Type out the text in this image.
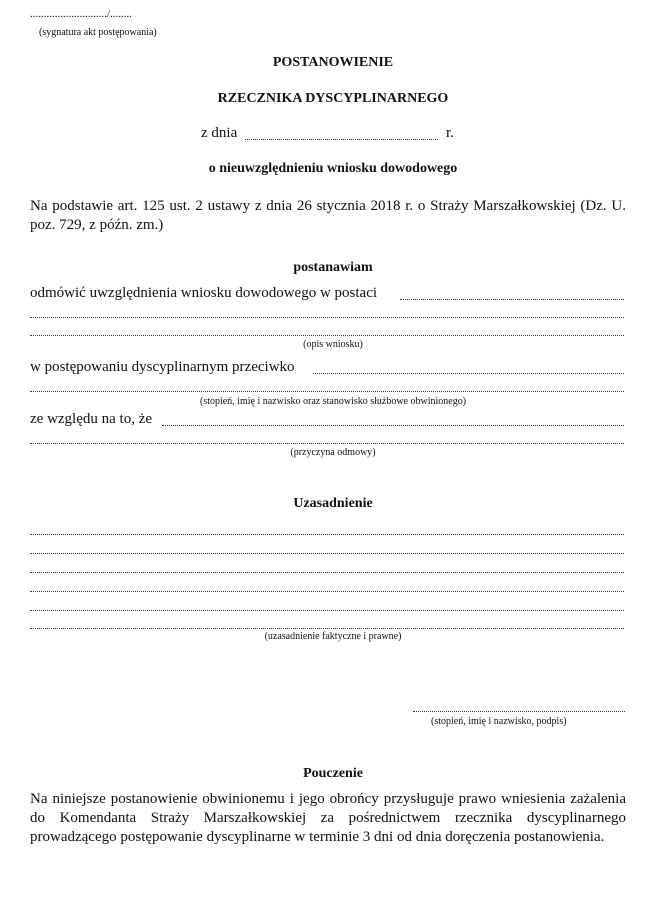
............................/........
(sygnatura akt postępowania)
POSTANOWIENIE
RZECZNIKA DYSCYPLINARNEGO
z dnia	r.
o nieuwzględnieniu wniosku dowodowego
Na podstawie art. 125 ust. 2 ustawy z dnia 26 stycznia 2018 r. o Straży Marszałkowskiej (Dz. U. poz. 729, z późn. zm.)
postanawiam
odmówić uwzględnienia wniosku dowodowego w postaci
(opis wniosku)
w postępowaniu dyscyplinarnym przeciwko
(stopień, imię i nazwisko oraz stanowisko służbowe obwinionego)
ze względu na to, że
(przyczyna odmowy)
Uzasadnienie
(uzasadnienie faktyczne i prawne)
(stopień, imię i nazwisko, podpis)
Pouczenie
Na niniejsze postanowienie obwinionemu i jego obrońcy przysługuje prawo wniesienia zażalenia do Komendanta Straży Marszałkowskiej za pośrednictwem rzecznika dyscyplinarnego prowadzącego postępowanie dyscyplinarne w terminie 3 dni od dnia doręczenia postanowienia.
